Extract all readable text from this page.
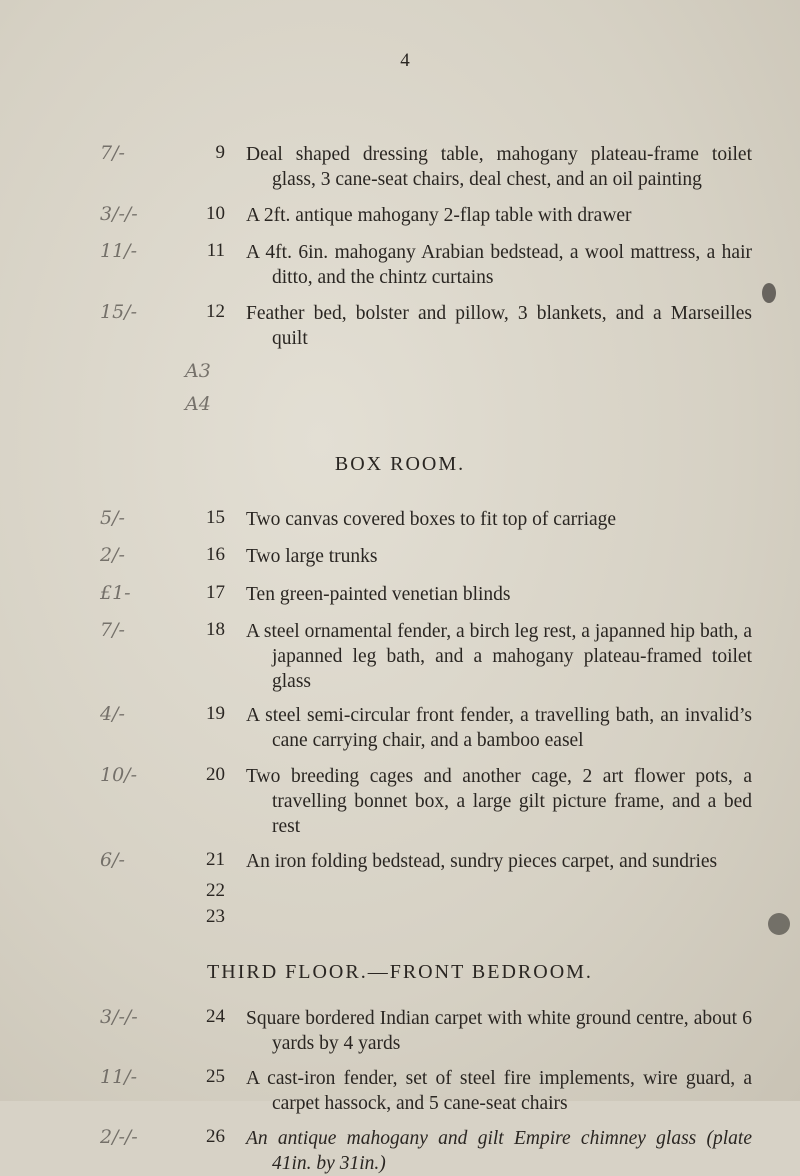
4
7/-	9 Deal shaped dressing table, mahogany plateau-frame toilet glass, 3 cane-seat chairs, deal chest, and an oil painting
3/-/-	10 A 2ft. antique mahogany 2-flap table with drawer
11/-	11 A 4ft. 6in. mahogany Arabian bedstead, a wool mattress, a hair ditto, and the chintz curtains
15/-	12 Feather bed, bolster and pillow, 3 blankets, and a Marseilles quilt
A3
A4
BOX ROOM.
5/-	15 Two canvas covered boxes to fit top of carriage
2/-	16 Two large trunks
£1-	17 Ten green-painted venetian blinds
7/-	18 A steel ornamental fender, a birch leg rest, a japanned hip bath, a japanned leg bath, and a mahogany plateau-framed toilet glass
4/-	19 A steel semi-circular front fender, a travelling bath, an invalid’s cane carrying chair, and a bamboo easel
10/-	20 Two breeding cages and another cage, 2 art flower pots, a travelling bonnet box, a large gilt picture frame, and a bed rest
6/-	21 An iron folding bedstead, sundry pieces carpet, and sundries
22
23
THIRD FLOOR.—FRONT BEDROOM.
3/-/-	24 Square bordered Indian carpet with white ground centre, about 6 yards by 4 yards
11/-	25 A cast-iron fender, set of steel fire implements, wire guard, a carpet hassock, and 5 cane-seat chairs
2/-/-	26 An antique mahogany and gilt Empire chimney glass (plate 41in. by 31in.)
